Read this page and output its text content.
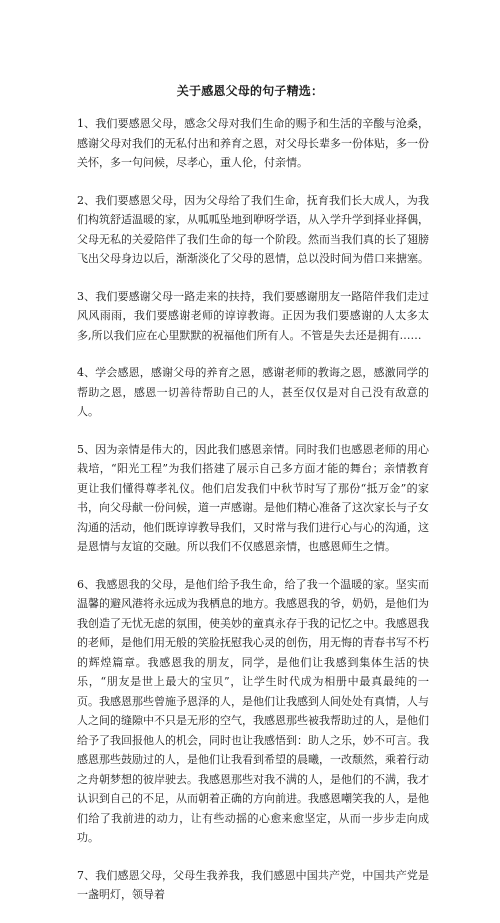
关于感恩父母的句子精选：

1、我们要感恩父母，感念父母对我们生命的赐予和生活的辛酸与沧桑，感谢父母对我们的无私付出和养育之恩，对父母长辈多一份体贴，多一份关怀，多一句问候，尽孝心，重人伦，付亲情。

2、我们要感恩父母，因为父母给了我们生命，抚育我们长大成人，为我们构筑舒适温暖的家，从呱呱坠地到咿呀学语，从入学升学到择业择偶，父母无私的关爱陪伴了我们生命的每一个阶段。然而当我们真的长了翅膀飞出父母身边以后，渐渐淡化了父母的恩情，总以没时间为借口来搪塞。

3、我们要感谢父母一路走来的扶持，我们要感谢朋友一路陪伴我们走过风风雨雨，我们要感谢老师的谆谆教诲。正因为我们要感谢的人太多太多,所以我们应在心里默默的祝福他们所有人。不管是失去还是拥有……

4、学会感恩，感谢父母的养育之恩，感谢老师的教诲之恩，感激同学的帮助之恩，感恩一切善待帮助自己的人，甚至仅仅是对自己没有敌意的人。

5、因为亲情是伟大的，因此我们感恩亲情。同时我们也感恩老师的用心栽培，“阳光工程”为我们搭建了展示自己多方面才能的舞台；亲情教育更让我们懂得尊孝礼仪。他们启发我们中秋节时写了那份“抵万金”的家书，向父母献一份问候，道一声感谢。是他们精心准备了这次家长与子女沟通的活动，他们既谆谆教导我们，又时常与我们进行心与心的沟通，这是恩情与友谊的交融。所以我们不仅感恩亲情，也感恩师生之情。

6、我感恩我的父母，是他们给予我生命，给了我一个温暖的家。坚实而温馨的避风港将永远成为我栖息的地方。我感恩我的爷，奶奶，是他们为我创造了无忧无虑的氛围，使美妙的童真永存于我的记忆之中。我感恩我的老师，是他们用无般的笑脸抚慰我心灵的创伤，用无悔的青春书写不朽的辉煌篇章。我感恩我的朋友，同学，是他们让我感到集体生活的快乐，“朋友是世上最大的宝贝”，让学生时代成为相册中最真最纯的一页。我感恩那些曾施予恩泽的人，是他们让我感到人间处处有真情，人与人之间的缝隙中不只是无形的空气，我感恩那些被我帮助过的人，是他们给予了我回报他人的机会，同时也让我感悟到：助人之乐，妙不可言。我感恩那些鼓励过的人，是他们让我看到希望的晨曦，一改颓然，乘着行动之舟朝梦想的彼岸驶去。我感恩那些对我不满的人，是他们的不满，我才认识到自己的不足，从而朝着正确的方向前进。我感恩嘲笑我的人，是他们给了我前进的动力，让有些动摇的心愈来愈坚定，从而一步步走向成功。

7、我们感恩父母，父母生我养我，我们感恩中国共产党，中国共产党是一盏明灯，领导着
